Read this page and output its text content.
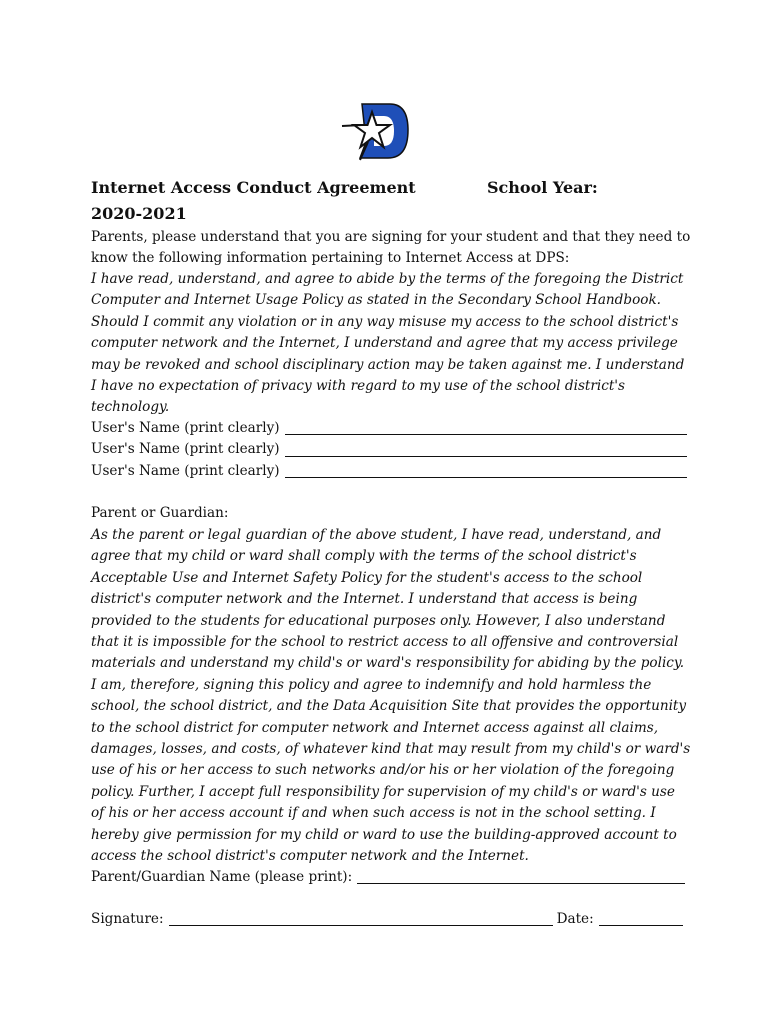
Internet Access Conduct Agreement	School Year:
2020-2021

Parents, please understand that you are signing for your student and that they need to know the following information pertaining to Internet Access at DPS:

I have read, understand, and agree to abide by the terms of the foregoing the District Computer and Internet Usage Policy as stated in the Secondary School Handbook. Should I commit any violation or in any way misuse my access to the school district's computer network and the Internet, I understand and agree that my access privilege may be revoked and school disciplinary action may be taken against me. I understand I have no expectation of privacy with regard to my use of the school district's technology.

User's Name (print clearly)
User's Name (print clearly)
User's Name (print clearly)

Parent or Guardian:

As the parent or legal guardian of the above student, I have read, understand, and agree that my child or ward shall comply with the terms of the school district's Acceptable Use and Internet Safety Policy for the student's access to the school district's computer network and the Internet. I understand that access is being provided to the students for educational purposes only. However, I also understand that it is impossible for the school to restrict access to all offensive and controversial materials and understand my child's or ward's responsibility for abiding by the policy. I am, therefore, signing this policy and agree to indemnify and hold harmless the school, the school district, and the Data Acquisition Site that provides the opportunity to the school district for computer network and Internet access against all claims, damages, losses, and costs, of whatever kind that may result from my child's or ward's use of his or her access to such networks and/or his or her violation of the foregoing policy. Further, I accept full responsibility for supervision of my child's or ward's use of his or her access account if and when such access is not in the school setting. I hereby give permission for my child or ward to use the building-approved account to access the school district's computer network and the Internet.

Parent/Guardian Name (please print):
Signature:	Date:
